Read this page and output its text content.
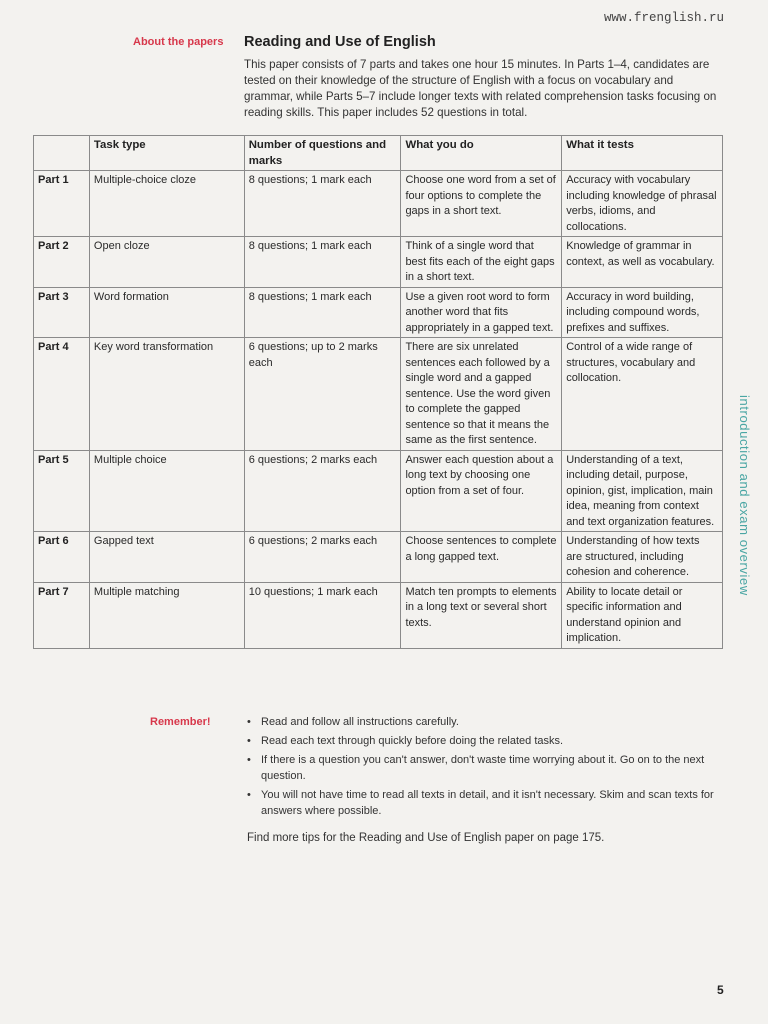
www.frenglish.ru
About the papers	Reading and Use of English

This paper consists of 7 parts and takes one hour 15 minutes. In Parts 1–4, candidates are tested on their knowledge of the structure of English with a focus on vocabulary and grammar, while Parts 5–7 include longer texts with related comprehension tasks focusing on reading skills. This paper includes 52 questions in total.

	Task type	Number of questions and marks	What you do	What it tests
Part 1	Multiple-choice cloze	8 questions; 1 mark each	Choose one word from a set of four options to complete the gaps in a short text.	Accuracy with vocabulary including knowledge of phrasal verbs, idioms, and collocations.
Part 2	Open cloze	8 questions; 1 mark each	Think of a single word that best fits each of the eight gaps in a short text.	Knowledge of grammar in context, as well as vocabulary.
Part 3	Word formation	8 questions; 1 mark each	Use a given root word to form another word that fits appropriately in a gapped text.	Accuracy in word building, including compound words, prefixes and suffixes.
Part 4	Key word transformation	6 questions; up to 2 marks each	There are six unrelated sentences each followed by a single word and a gapped sentence. Use the word given to complete the gapped sentence so that it means the same as the first sentence.	Control of a wide range of structures, vocabulary and collocation.
Part 5	Multiple choice	6 questions; 2 marks each	Answer each question about a long text by choosing one option from a set of four.	Understanding of a text, including detail, purpose, opinion, gist, implication, main idea, meaning from context and text organization features.
Part 6	Gapped text	6 questions; 2 marks each	Choose sentences to complete a long gapped text.	Understanding of how texts are structured, including cohesion and coherence.
Part 7	Multiple matching	10 questions; 1 mark each	Match ten prompts to elements in a long text or several short texts.	Ability to locate detail or specific information and understand opinion and implication.
Remember!	• Read and follow all instructions carefully.
• Read each text through quickly before doing the related tasks.
• If there is a question you can't answer, don't waste time worrying about it. Go on to the next question.
• You will not have time to read all texts in detail, and it isn't necessary. Skim and scan texts for answers where possible.
Find more tips for the Reading and Use of English paper on page 175.
introduction and exam overview
5
